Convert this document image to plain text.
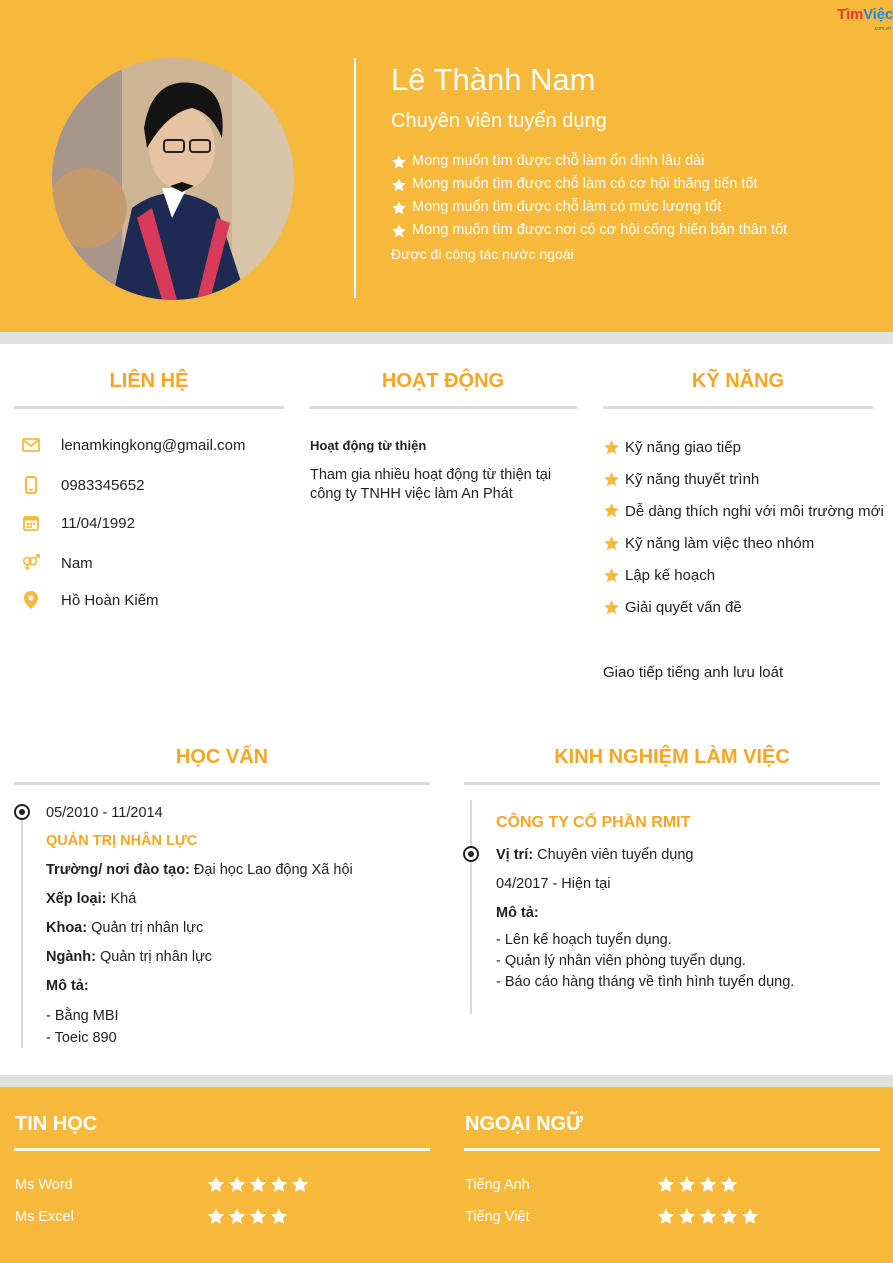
TìmViệc
.com.vn
Lê Thành Nam
Chuyên viên tuyển dụng
Mong muốn tìm được chỗ làm ổn định lâu dài
Mong muốn tìm được chỗ làm có cơ hội thăng tiến tốt
Mong muốn tìm được chỗ làm có mức lương tốt
Mong muốn tìm được nơi có cơ hội cống hiến bản thân tốt
Được đi công tác nước ngoài
LIÊN HỆ	HOẠT ĐỘNG	KỸ NĂNG
lenamkingkong@gmail.com
0983345652
11/04/1992
Nam
Hồ Hoàn Kiếm
Hoạt động từ thiện
Tham gia nhiều hoạt động từ thiện tại công ty TNHH việc làm An Phát
Kỹ năng giao tiếp
Kỹ năng thuyết trình
Dễ dàng thích nghi với môi trường mới
Kỹ năng làm việc theo nhóm
Lập kế hoạch
Giải quyết vấn đề
Giao tiếp tiếng anh lưu loát
HỌC VẤN	KINH NGHIỆM LÀM VIỆC
05/2010 - 11/2014
QUẢN TRỊ NHÂN LỰC
Trường/ nơi đào tạo: Đại học Lao động Xã hội
Xếp loại: Khá
Khoa: Quản trị nhân lực
Ngành: Quản trị nhân lực
Mô tả:
- Bằng MBI
- Toeic 890
CÔNG TY CỔ PHẦN RMIT
Vị trí: Chuyên viên tuyển dụng
04/2017 - Hiện tại
Mô tả:
- Lên kế hoạch tuyển dụng.
- Quản lý nhân viên phòng tuyển dụng.
- Báo cáo hàng tháng về tình hình tuyển dụng.
TIN HỌC	NGOẠI NGỮ
Ms Word
Ms Excel
Tiếng Anh
Tiếng Việt
